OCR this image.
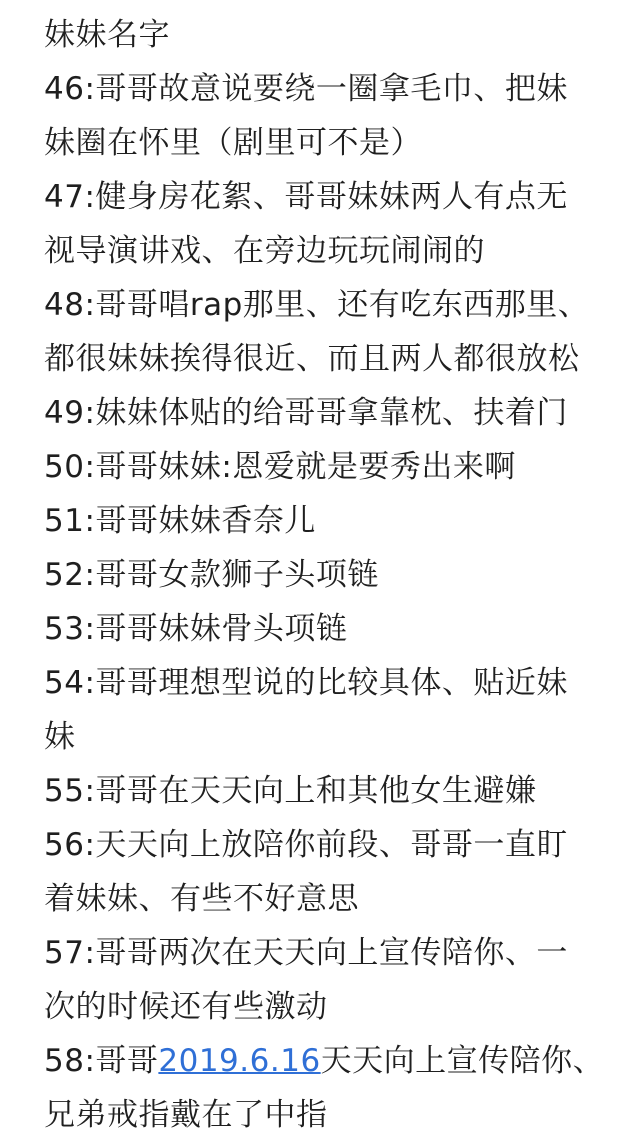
妹妹名字
46:哥哥故意说要绕一圈拿毛巾、把妹
妹圈在怀里（剧里可不是）
47:健身房花絮、哥哥妹妹两人有点无
视导演讲戏、在旁边玩玩闹闹的
48:哥哥唱rap那里、还有吃东西那里、
都很妹妹挨得很近、而且两人都很放松
49:妹妹体贴的给哥哥拿靠枕、扶着门
50:哥哥妹妹:恩爱就是要秀出来啊
51:哥哥妹妹香奈儿
52:哥哥女款狮子头项链
53:哥哥妹妹骨头项链
54:哥哥理想型说的比较具体、贴近妹
妹
55:哥哥在天天向上和其他女生避嫌
56:天天向上放陪你前段、哥哥一直盯
着妹妹、有些不好意思
57:哥哥两次在天天向上宣传陪你、一
次的时候还有些激动
58:哥哥2019.6.16天天向上宣传陪你、
兄弟戒指戴在了中指
